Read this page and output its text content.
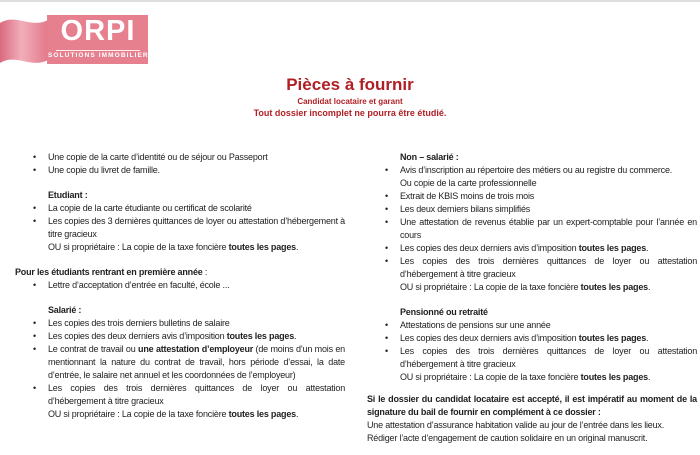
ORPI
SOLUTIONS IMMOBILIERES
Pièces à fournir
Candidat locataire et garant
Tout dossier incomplet ne pourra être étudié.
• Une copie de la carte d’identité ou de séjour ou Passeport
• Une copie du livret de famille.
Etudiant :
• La copie de la carte étudiante ou certificat de scolarité
• Les copies des 3 dernières quittances de loyer ou attestation d’hébergement à titre gracieux
OU si propriétaire : La copie de la taxe foncière toutes les pages.
Pour les étudiants rentrant en première année :
• Lettre d’acceptation d’entrée en faculté, école ...
Salarié :
• Les copies des trois derniers bulletins de salaire
• Les copies des deux derniers avis d’imposition toutes les pages.
• Le contrat de travail ou une attestation d’employeur (de moins d’un mois en mentionnant la nature du contrat de travail, hors période d’essai, la date d’entrée, le salaire net annuel et les coordonnées de l’employeur)
• Les copies des trois dernières quittances de loyer ou attestation d’hébergement à titre gracieux
OU si propriétaire : La copie de la taxe foncière toutes les pages.
Non – salarié :
• Avis d’inscription au répertoire des métiers ou au registre du commerce.
Ou copie de la carte professionnelle
• Extrait de KBIS moins de trois mois
• Les deux derniers bilans simplifiés
• Une attestation de revenus établie par un expert-comptable pour l’année en cours
• Les copies des deux derniers avis d’imposition toutes les pages.
• Les copies des trois dernières quittances de loyer ou attestation d’hébergement à titre gracieux
OU si propriétaire : La copie de la taxe foncière toutes les pages.
Pensionné ou retraité
• Attestations de pensions sur une année
• Les copies des deux derniers avis d’imposition toutes les pages.
• Les copies des trois dernières quittances de loyer ou attestation d’hébergement à titre gracieux
OU si propriétaire : La copie de la taxe foncière toutes les pages.
Si le dossier du candidat locataire est accepté, il est impératif au moment de la signature du bail de fournir en complément à ce dossier :
Une attestation d’assurance habitation valide au jour de l’entrée dans les lieux.
Rédiger l’acte d’engagement de caution solidaire en un original manuscrit.
